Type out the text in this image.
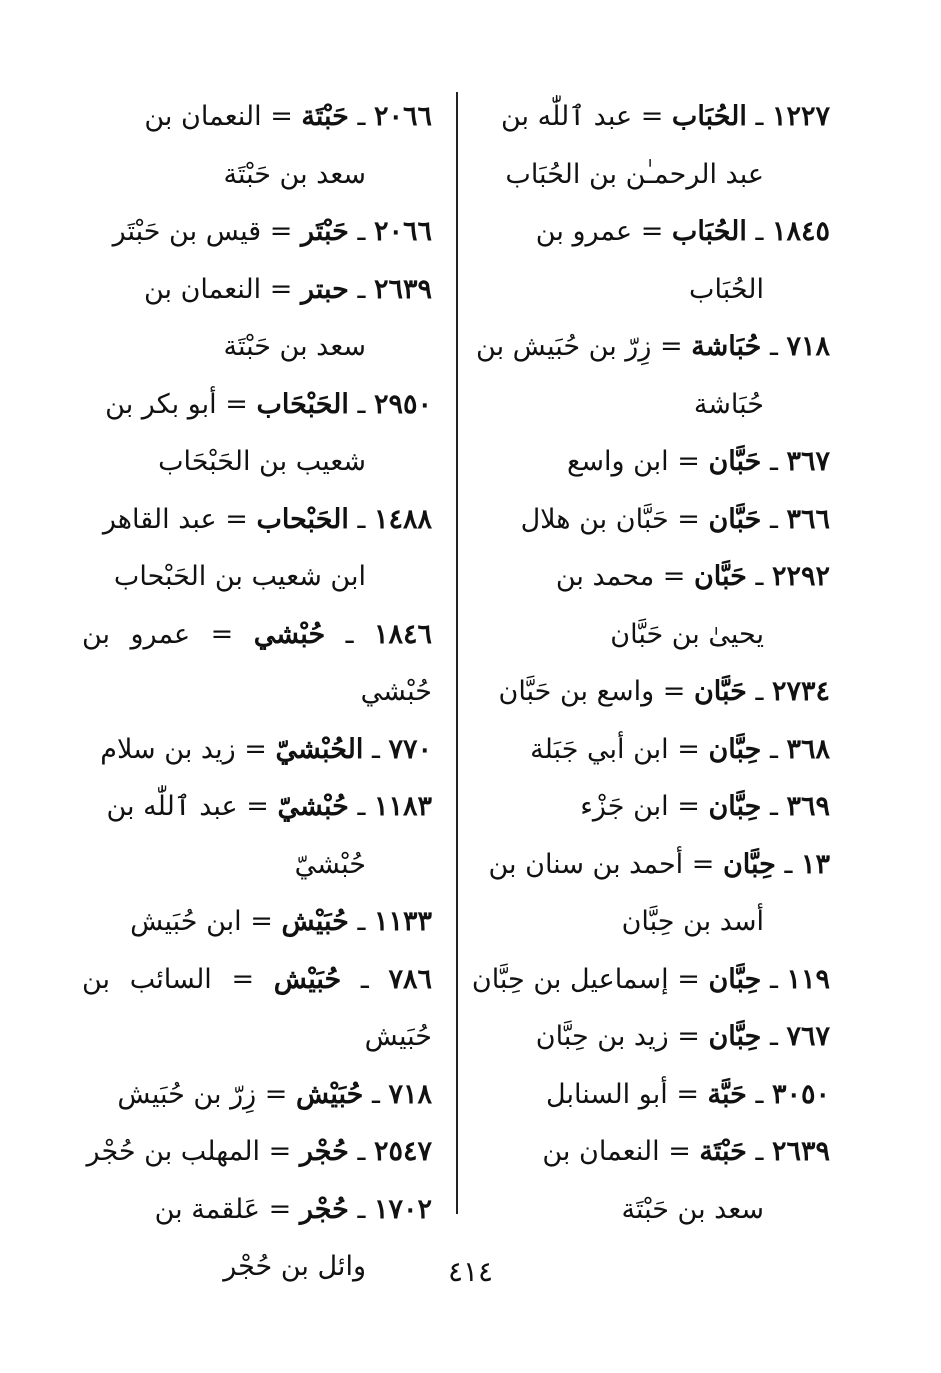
١٢٢٧ ـ الحُبَاب = عبد ٱللّٰه بن
عبد الرحمـٰن بن الحُبَاب

١٨٤٥ ـ الحُبَاب = عمرو بن
الحُبَاب

٧١٨ ـ حُبَاشة = زِرّ بن حُبَيش بن
حُبَاشة

٣٦٧ ـ حَبَّان = ابن واسع

٣٦٦ ـ حَبَّان = حَبَّان بن هلال

٢٢٩٢ ـ حَبَّان = محمد بن
يحيىٰ بن حَبَّان

٢٧٣٤ ـ حَبَّان = واسع بن حَبَّان

٣٦٨ ـ حِبَّان = ابن أبي جَبَلة

٣٦٩ ـ حِبَّان = ابن جَزْء

١٣ ـ حِبَّان = أحمد بن سنان بن
أسد بن حِبَّان

١١٩ ـ حِبَّان = إسماعيل بن حِبَّان

٧٦٧ ـ حِبَّان = زيد بن حِبَّان

٣٠٥٠ ـ حَبَّة = أبو السنابل

٢٦٣٩ ـ حَبْتَة = النعمان بن
سعد بن حَبْتَة

٢٠٦٦ ـ حَبْتَة = النعمان بن
سعد بن حَبْتَة

٢٠٦٦ ـ حَبْتَر = قيس بن حَبْتَر

٢٦٣٩ ـ حبتر = النعمان بن
سعد بن حَبْتَة

٢٩٥٠ ـ الحَبْحَاب = أبو بكر بن
شعيب بن الحَبْحَاب

١٤٨٨ ـ الحَبْحاب = عبد القاهر
ابن شعيب بن الحَبْحاب

١٨٤٦ ـ حُبْشي = عمرو بن حُبْشي

٧٧٠ ـ الحُبْشيّ = زيد بن سلام

١١٨٣ ـ حُبْشيّ = عبد ٱللّٰه بن
حُبْشيّ

١١٣٣ ـ حُبَيْش = ابن حُبَيش

٧٨٦ ـ حُبَيْش = السائب بن حُبَيش

٧١٨ ـ حُبَيْش = زِرّ بن حُبَيش

٢٥٤٧ ـ حُجْر = المهلب بن حُجْر

١٧٠٢ ـ حُجْر = عَلقمة بن
وائل بن حُجْر	٤١٤
